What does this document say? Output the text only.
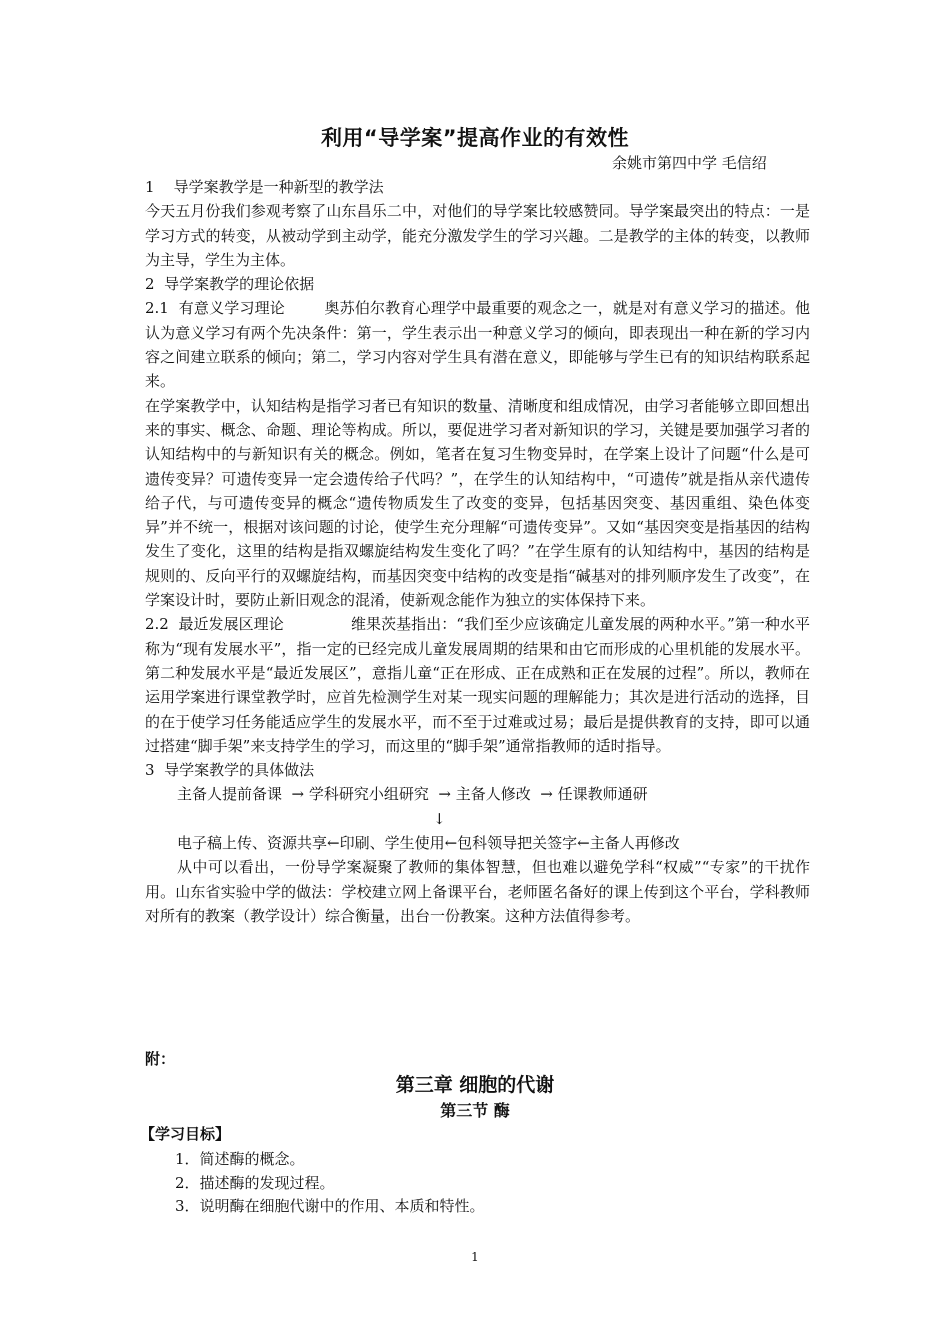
利用“导学案”提高作业的有效性
余姚市第四中学 毛信绍

1    导学案教学是一种新型的教学法

今天五月份我们参观考察了山东昌乐二中，对他们的导学案比较感赞同。导学案最突出的特点：一是学习方式的转变，从被动学到主动学，能充分激发学生的学习兴趣。二是教学的主体的转变，以教师为主导，学生为主体。

2  导学案教学的理论依据

2.1  有意义学习理论        奥苏伯尔教育心理学中最重要的观念之一，就是对有意义学习的描述。他认为意义学习有两个先决条件：第一，学生表示出一种意义学习的倾向，即表现出一种在新的学习内容之间建立联系的倾向；第二，学习内容对学生具有潜在意义，即能够与学生已有的知识结构联系起来。

在学案教学中，认知结构是指学习者已有知识的数量、清晰度和组成情况，由学习者能够立即回想出来的事实、概念、命题、理论等构成。所以，要促进学习者对新知识的学习，关键是要加强学习者的认知结构中的与新知识有关的概念。例如，笔者在复习生物变异时，在学案上设计了问题“什么是可遗传变异？可遗传变异一定会遗传给子代吗？”，在学生的认知结构中，“可遗传”就是指从亲代遗传给子代，与可遗传变异的概念“遗传物质发生了改变的变异，包括基因突变、基因重组、染色体变异”并不统一，根据对该问题的讨论，使学生充分理解“可遗传变异”。又如“基因突变是指基因的结构发生了变化，这里的结构是指双螺旋结构发生变化了吗？”在学生原有的认知结构中，基因的结构是规则的、反向平行的双螺旋结构，而基因突变中结构的改变是指“碱基对的排列顺序发生了改变”，在学案设计时，要防止新旧观念的混淆，使新观念能作为独立的实体保持下来。

2.2  最近发展区理论              维果茨基指出：“我们至少应该确定儿童发展的两种水平。”第一种水平称为“现有发展水平”，指一定的已经完成儿童发展周期的结果和由它而形成的心里机能的发展水平。第二种发展水平是“最近发展区”，意指儿童“正在形成、正在成熟和正在发展的过程”。所以，教师在运用学案进行课堂教学时，应首先检测学生对某一现实问题的理解能力；其次是进行活动的选择，目的在于使学习任务能适应学生的发展水平，而不至于过难或过易；最后是提供教育的支持，即可以通过搭建“脚手架”来支持学生的学习，而这里的“脚手架”通常指教师的适时指导。

3  导学案教学的具体做法

主备人提前备课  → 学科研究小组研究  → 主备人修改  → 任课教师通研

↓

电子稿上传、资源共享←印刷、学生使用←包科领导把关签字←主备人再修改

从中可以看出，一份导学案凝聚了教师的集体智慧，但也难以避免学科“权威”“专家”的干扰作用。山东省实验中学的做法：学校建立网上备课平台，老师匿名备好的课上传到这个平台，学科教师对所有的教案（教学设计）综合衡量，出台一份教案。这种方法值得参考。

附：
第三章 细胞的代谢
第三节 酶
【学习目标】
1．简述酶的概念。
2．描述酶的发现过程。
3．说明酶在细胞代谢中的作用、本质和特性。
1
